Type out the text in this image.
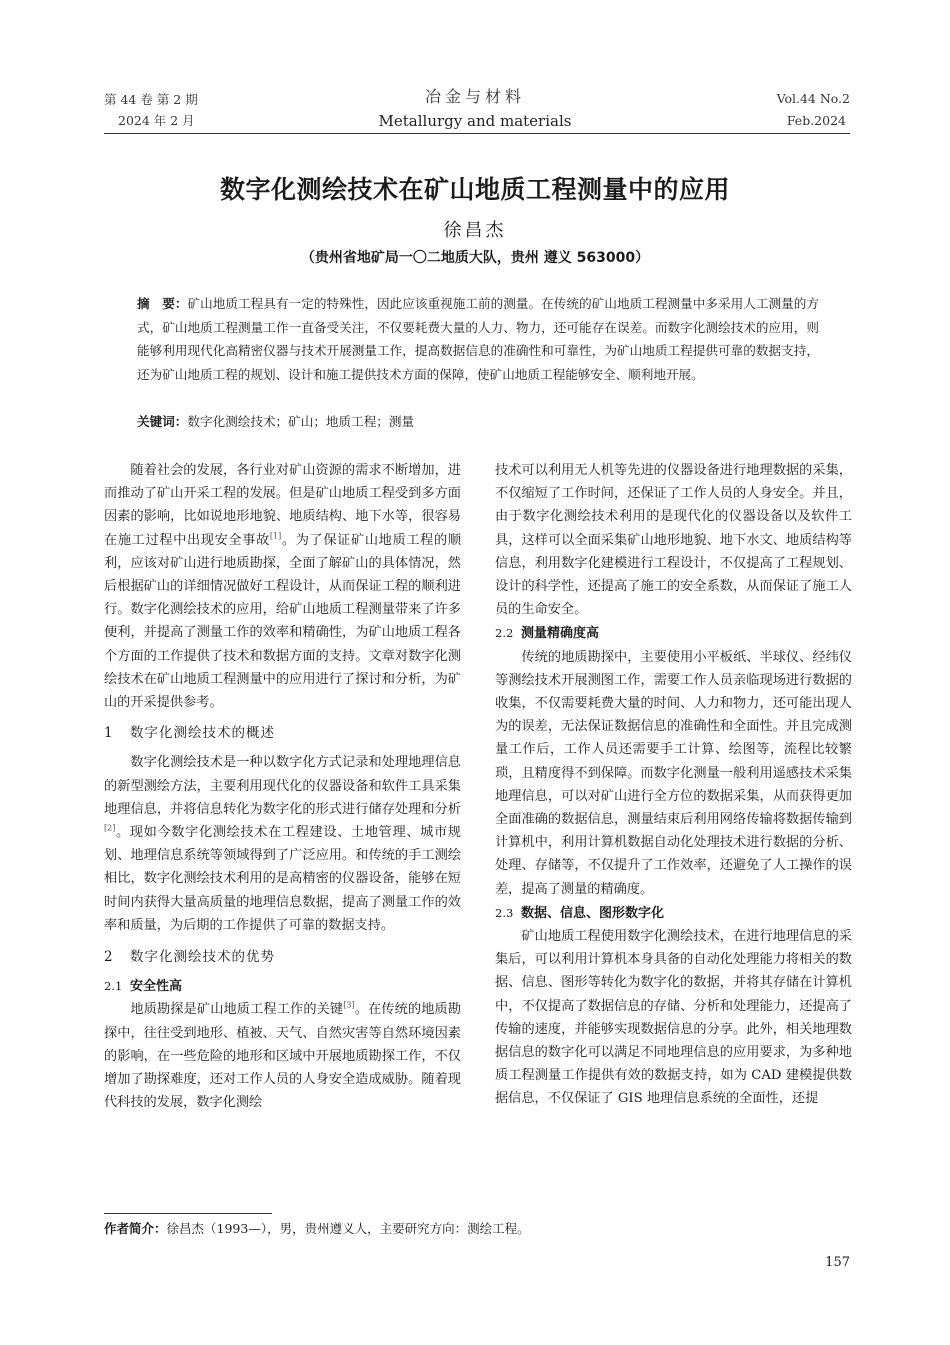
第 44 卷 第 2 期
2024 年 2 月
冶金与材料
Metallurgy and materials
Vol.44 No.2
Feb.2024
数字化测绘技术在矿山地质工程测量中的应用
徐昌杰
（贵州省地矿局一〇二地质大队，贵州 遵义 563000）
摘　要：矿山地质工程具有一定的特殊性，因此应该重视施工前的测量。在传统的矿山地质工程测量中多采用人工测量的方式，矿山地质工程测量工作一直备受关注，不仅要耗费大量的人力、物力，还可能存在误差。而数字化测绘技术的应用，则能够利用现代化高精密仪器与技术开展测量工作，提高数据信息的准确性和可靠性，为矿山地质工程提供可靠的数据支持，还为矿山地质工程的规划、设计和施工提供技术方面的保障，使矿山地质工程能够安全、顺利地开展。
关键词：数字化测绘技术；矿山；地质工程；测量

随着社会的发展，各行业对矿山资源的需求不断增加，进而推动了矿山开采工程的发展。但是矿山地质工程受到多方面因素的影响，比如说地形地貌、地质结构、地下水等，很容易在施工过程中出现安全事故[1]。为了保证矿山地质工程的顺利，应该对矿山进行地质勘探，全面了解矿山的具体情况，然后根据矿山的详细情况做好工程设计，从而保证工程的顺利进行。数字化测绘技术的应用，给矿山地质工程测量带来了许多便利，并提高了测量工作的效率和精确性，为矿山地质工程各个方面的工作提供了技术和数据方面的支持。文章对数字化测绘技术在矿山地质工程测量中的应用进行了探讨和分析，为矿山的开采提供参考。

1 数字化测绘技术的概述

数字化测绘技术是一种以数字化方式记录和处理地理信息的新型测绘方法，主要利用现代化的仪器设备和软件工具采集地理信息，并将信息转化为数字化的形式进行储存处理和分析[2]。现如今数字化测绘技术在工程建设、土地管理、城市规划、地理信息系统等领域得到了广泛应用。和传统的手工测绘相比，数字化测绘技术利用的是高精密的仪器设备，能够在短时间内获得大量高质量的地理信息数据，提高了测量工作的效率和质量，为后期的工作提供了可靠的数据支持。

2 数字化测绘技术的优势
2.1 安全性高

地质勘探是矿山地质工程工作的关键[3]。在传统的地质勘探中，往往受到地形、植被、天气、自然灾害等自然环境因素的影响，在一些危险的地形和区域中开展地质勘探工作，不仅增加了勘探难度，还对工作人员的人身安全造成威胁。随着现代科技的发展，数字化测绘

技术可以利用无人机等先进的仪器设备进行地理数据的采集，不仅缩短了工作时间，还保证了工作人员的人身安全。并且，由于数字化测绘技术利用的是现代化的仪器设备以及软件工具，这样可以全面采集矿山地形地貌、地下水文、地质结构等信息，利用数字化建模进行工程设计，不仅提高了工程规划、设计的科学性，还提高了施工的安全系数，从而保证了施工人员的生命安全。

2.2 测量精确度高

传统的地质勘探中，主要使用小平板纸、半球仪、经纬仪等测绘技术开展测图工作，需要工作人员亲临现场进行数据的收集，不仅需要耗费大量的时间、人力和物力，还可能出现人为的误差，无法保证数据信息的准确性和全面性。并且完成测量工作后，工作人员还需要手工计算、绘图等，流程比较繁琐，且精度得不到保障。而数字化测量一般利用遥感技术采集地理信息，可以对矿山进行全方位的数据采集，从而获得更加全面准确的数据信息，测量结束后利用网络传输将数据传输到计算机中，利用计算机数据自动化处理技术进行数据的分析、处理、存储等，不仅提升了工作效率，还避免了人工操作的误差，提高了测量的精确度。

2.3 数据、信息、图形数字化

矿山地质工程使用数字化测绘技术，在进行地理信息的采集后，可以利用计算机本身具备的自动化处理能力将相关的数据、信息、图形等转化为数字化的数据，并将其存储在计算机中，不仅提高了数据信息的存储、分析和处理能力，还提高了传输的速度，并能够实现数据信息的分享。此外，相关地理数据信息的数字化可以满足不同地理信息的应用要求，为多种地质工程测量工作提供有效的数据支持，如为 CAD 建模提供数据信息，不仅保证了 GIS 地理信息系统的全面性，还提

作者简介：徐昌杰（1993—），男，贵州遵义人，主要研究方向：测绘工程。
157
